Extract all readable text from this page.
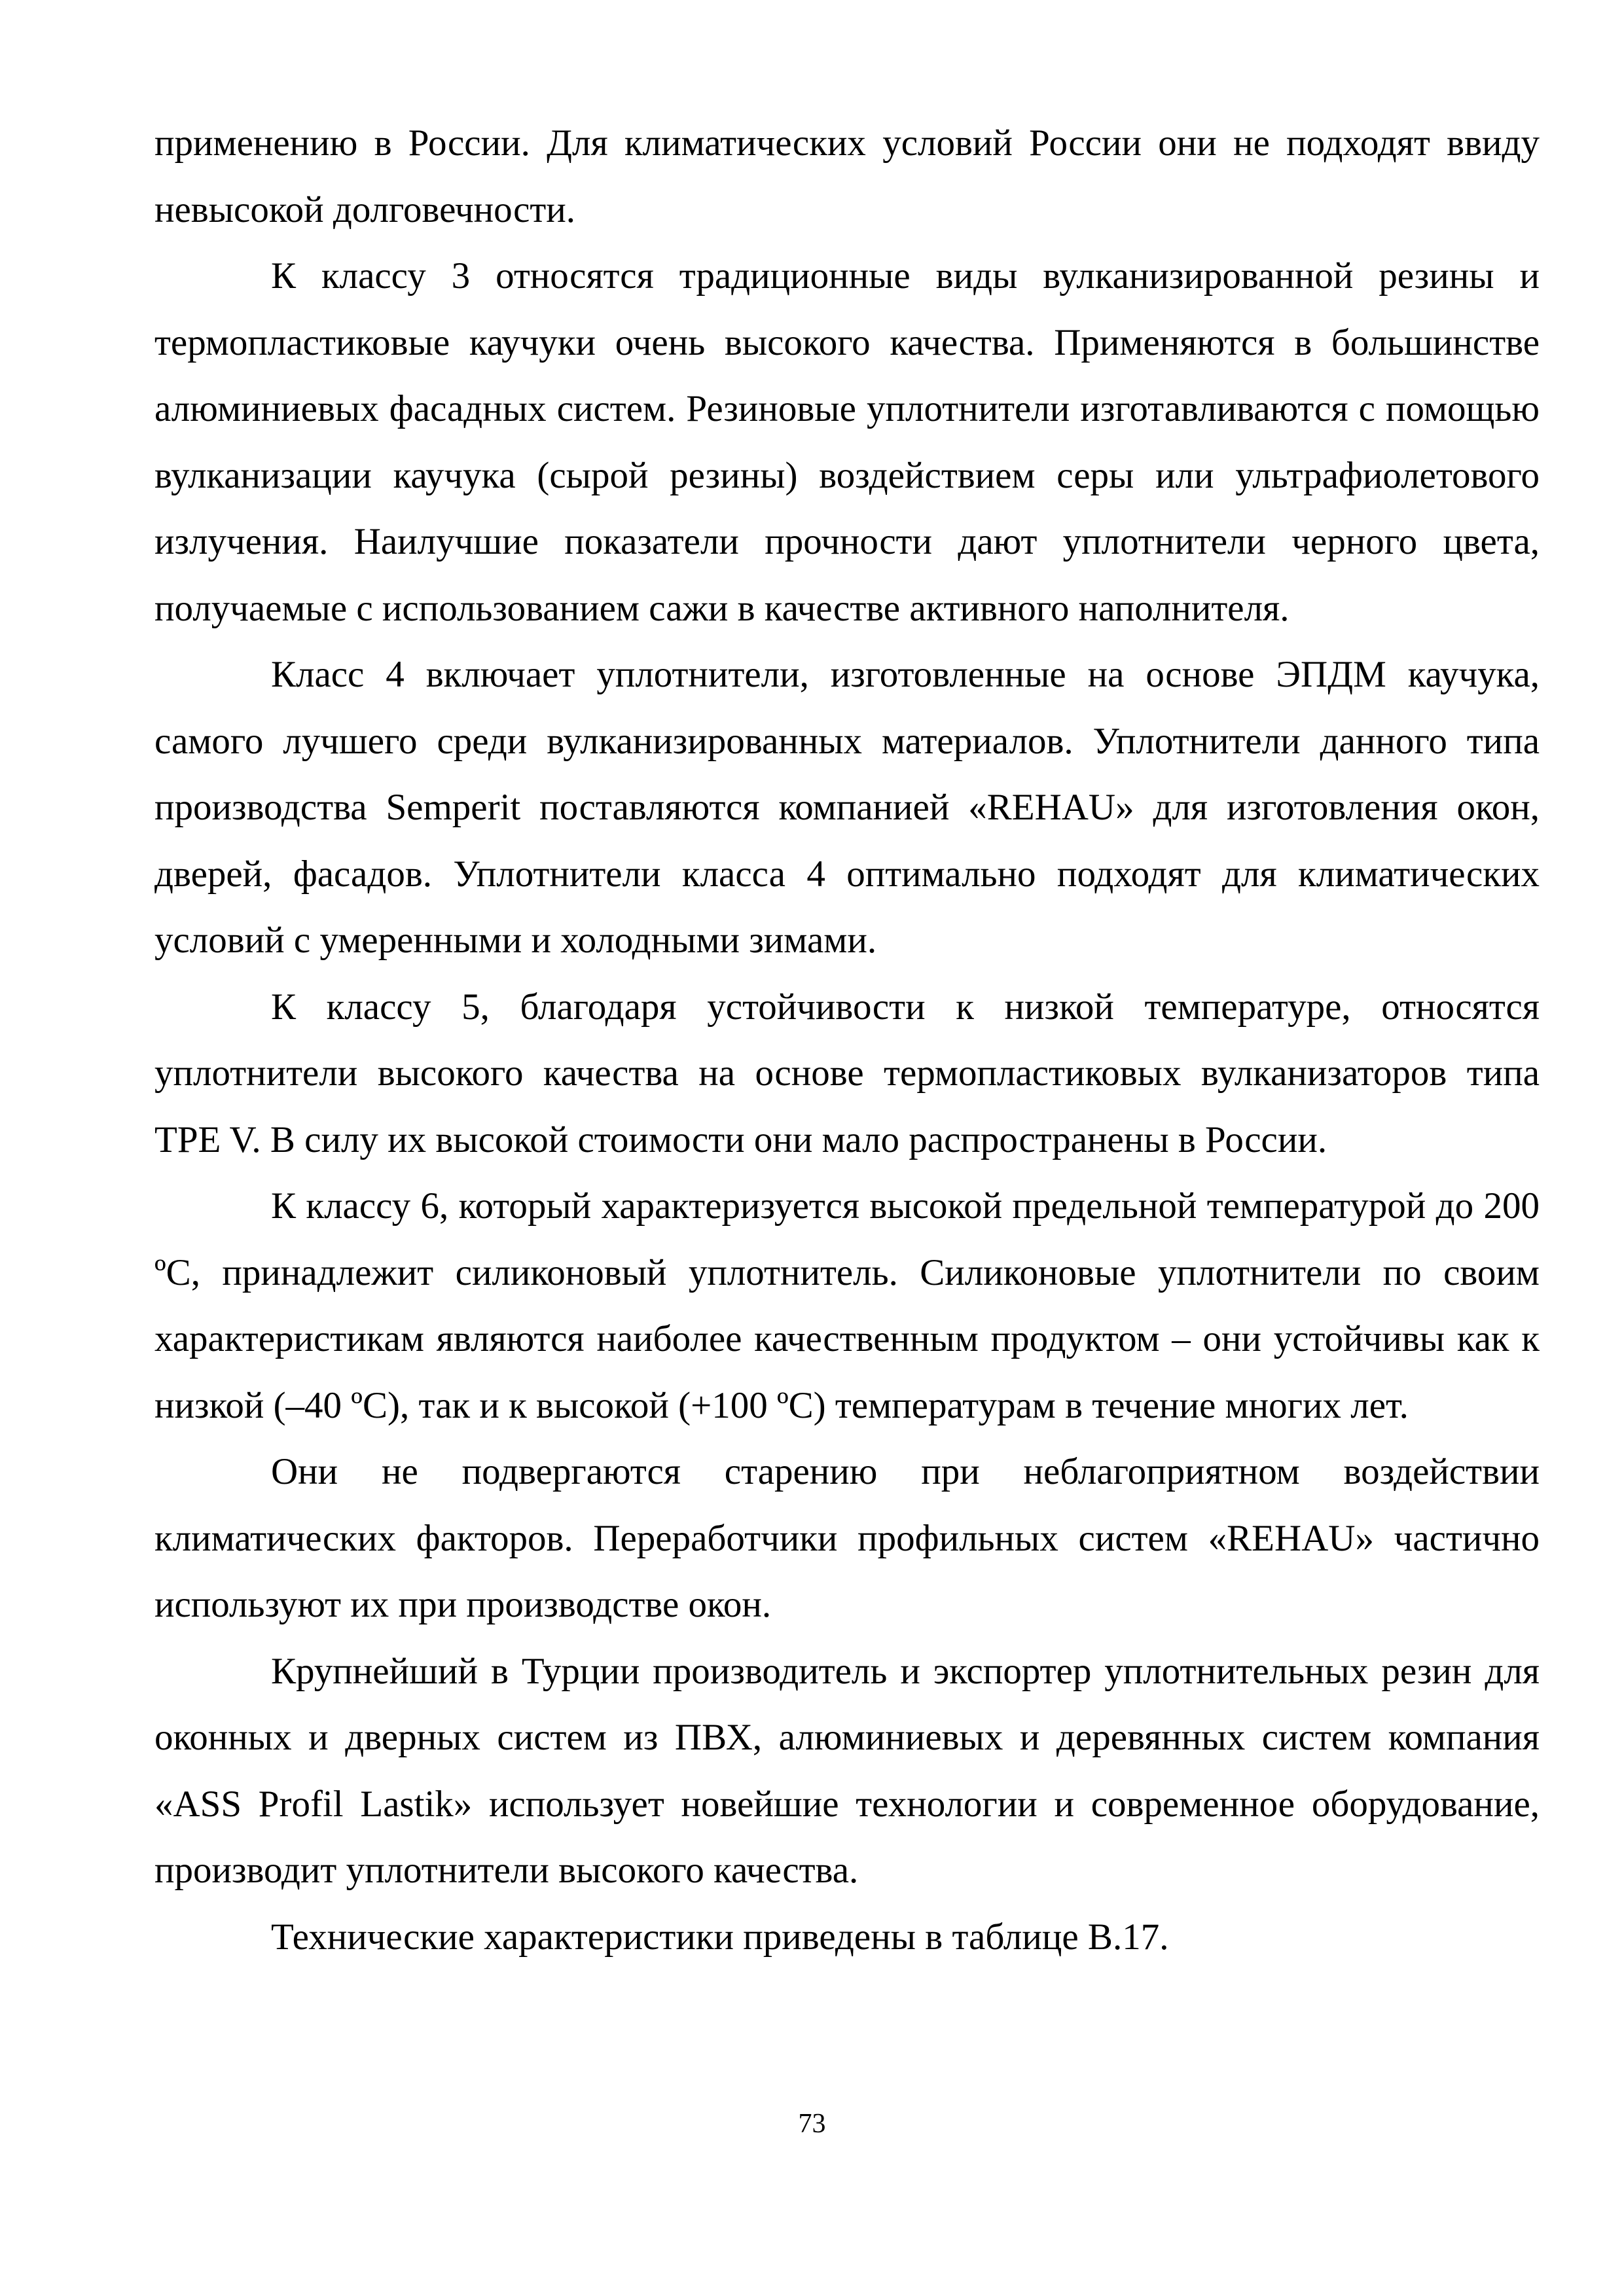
применению в России. Для климатических условий России они не подходят ввиду невысокой долговечности.

К классу 3 относятся традиционные виды вулканизированной резины и термопластиковые каучуки очень высокого качества. Применяются в большинстве алюминиевых фасадных систем. Резиновые уплотнители изготавливаются с помощью вулканизации каучука (сырой резины) воздействием серы или ультрафиолетового излучения. Наилучшие показатели прочности дают уплотнители черного цвета, получаемые с использованием сажи в качестве активного наполнителя.

Класс 4 включает уплотнители, изготовленные на основе ЭПДМ каучука, самого лучшего среди вулканизированных материалов. Уплотнители данного типа производства Semperit поставляются компанией «REHAU» для изготовления окон, дверей, фасадов. Уплотнители класса 4 оптимально подходят для климатических условий с умеренными и холодными зимами.

К классу 5, благодаря устойчивости к низкой температуре, относятся уплотнители высокого качества на основе термопластиковых вулканизаторов типа TPE V. В силу их высокой стоимости они мало распространены в России.

К классу 6, который характеризуется высокой предельной температурой до 200 ºС, принадлежит силиконовый уплотнитель. Силиконовые уплотнители по своим характеристикам являются наиболее качественным продуктом – они устойчивы как к низкой (–40 ºС), так и к высокой (+100 ºС) температурам в течение многих лет.

Они не подвергаются старению при неблагоприятном воздействии климатических факторов. Переработчики профильных систем «REHAU» частично используют их при производстве окон.

Крупнейший в Турции производитель и экспортер уплотнительных резин для оконных и дверных систем из ПВХ, алюминиевых и деревянных систем компания «ASS Profil Lastik» использует новейшие технологии и современное оборудование, производит уплотнители высокого качества.

Технические характеристики приведены в таблице В.17.

73
